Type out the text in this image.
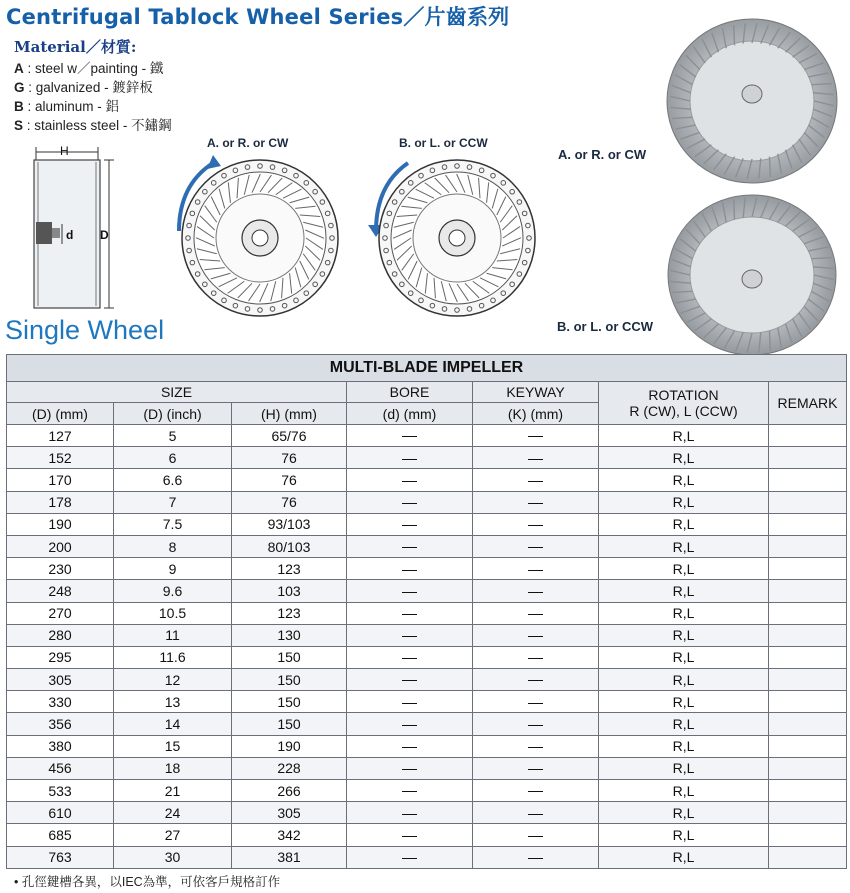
Centrifugal Tablock Wheel Series／片齒系列
Material／材質:
A : steel w／painting - 鐵
G : galvanized - 鍍鋅板
B : aluminum - 鋁
S : stainless steel - 不鏽鋼
H
d D
A. or R. or CW	B. or L. or CCW
A. or R. or CW
B. or L. or CCW
Single Wheel
MULTI-BLADE IMPELLER						
SIZE			BORE	KEYWAY	ROTATION
R (CW), L (CCW)	REMARK
(D) (mm)	(D) (inch)	(H) (mm)	(d) (mm)	(K) (mm)		
127	5	65/76			R,L	
152	6	76			R,L	
170	6.6	76			R,L	
178	7	76			R,L	
190	7.5	93/103			R,L	
200	8	80/103			R,L	
230	9	123			R,L	
248	9.6	103			R,L	
270	10.5	123			R,L	
280	11	130			R,L	
295	11.6	150			R,L	
305	12	150			R,L	
330	13	150			R,L	
356	14	150			R,L	
380	15	190			R,L	
456	18	228			R,L	
533	21	266			R,L	
610	24	305			R,L	
685	27	342			R,L	
763	30	381			R,L	
• 孔徑鍵槽各異，以IEC為準，可依客戶規格訂作
